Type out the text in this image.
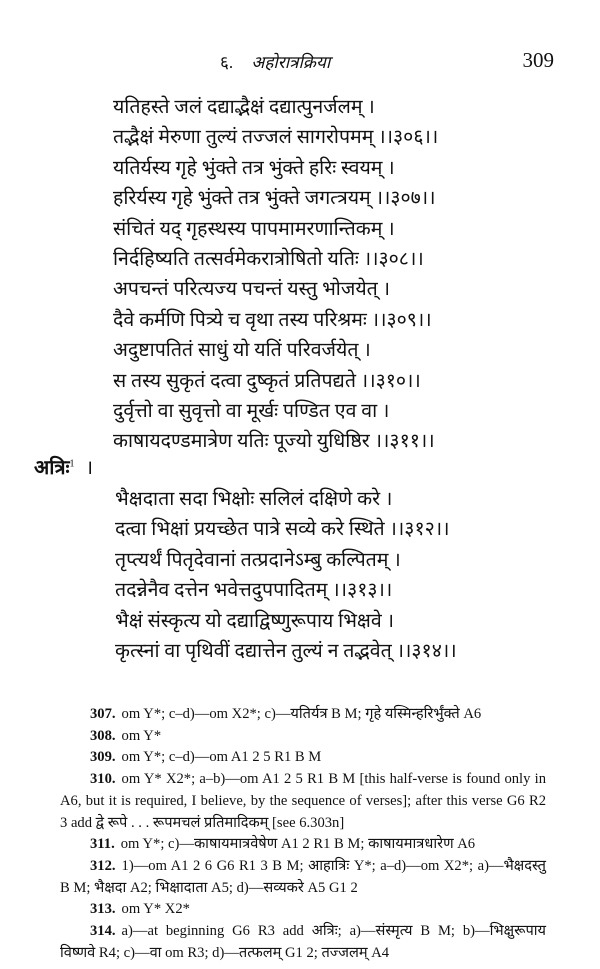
६. अहोरात्रक्रिया	309
यतिहस्ते जलं दद्याद्भैक्षं दद्यात्पुनर्जलम् ।
तद्भैक्षं मेरुणा तुल्यं तज्जलं सागरोपमम् ।।३०६।।
यतिर्यस्य गृहे भुंक्ते तत्र भुंक्ते हरिः स्वयम् ।
हरिर्यस्य गृहे भुंक्ते तत्र भुंक्ते जगत्त्रयम् ।।३०७।।
संचितं यद् गृहस्थस्य पापमामरणान्तिकम् ।
निर्दहिष्यति तत्सर्वमेकरात्रोषितो यतिः ।।३०८।।
अपचन्तं परित्यज्य पचन्तं यस्तु भोजयेत् ।
दैवे कर्मणि पित्र्ये च वृथा तस्य परिश्रमः ।।३०९।।
अदुष्टापतितं साधुं यो यतिं परिवर्जयेत् ।
स तस्य सुकृतं दत्वा दुष्कृतं प्रतिपद्यते ।।३१०।।
दुर्वृत्तो वा सुवृत्तो वा मूर्खः पण्डित एव वा ।
काषायदण्डमात्रेण यतिः पूज्यो युधिष्ठिर ।।३११।।
अत्रिः$^1$ ।
भैक्षदाता सदा भिक्षोः सलिलं दक्षिणे करे ।
दत्वा भिक्षां प्रयच्छेत पात्रे सव्ये करे स्थिते ।।३१२।।
तृप्त्यर्थं पितृदेवानां तत्प्रदानेऽम्बु कल्पितम् ।
तदन्नेनैव दत्तेन भवेत्तदुपपादितम् ।।३१३।।
भैक्षं संस्कृत्य यो दद्याद्विष्णुरूपाय भिक्षवे ।
कृत्स्नां वा पृथिवीं दद्यात्तेन तुल्यं न तद्भवेत् ।।३१४।।
307. om Y*; c–d)—om X2*; c)—यतिर्यत्र B M; गृहे यस्मिन्हरिर्भुंक्ते A6
308. om Y*
309. om Y*; c–d)—om A1 2 5 R1 B M
310. om Y* X2*; a–b)—om A1 2 5 R1 B M [this half-verse is found only in A6, but it is required, I believe, by the sequence of verses]; after this verse G6 R2 3 add द्वे रूपे . . . रूपमचलं प्रतिमादिकम् [see 6.303n]
311. om Y*; c)—काषायमात्रवेषेण A1 2 R1 B M; काषायमात्रधारेण A6
312. 1)—om A1 2 6 G6 R1 3 B M; आहात्रिः Y*; a–d)—om X2*; a)—भैक्षदस्तु B M; भैक्षदा A2; भिक्षादाता A5; d)—सव्यकरे A5 G1 2
313. om Y* X2*
314. a)—at beginning G6 R3 add अत्रिः; a)—संस्मृत्य B M; b)—भिक्षुरूपाय विष्णवे R4; c)—वा om R3; d)—तत्फलम् G1 2; तज्जलम् A4
